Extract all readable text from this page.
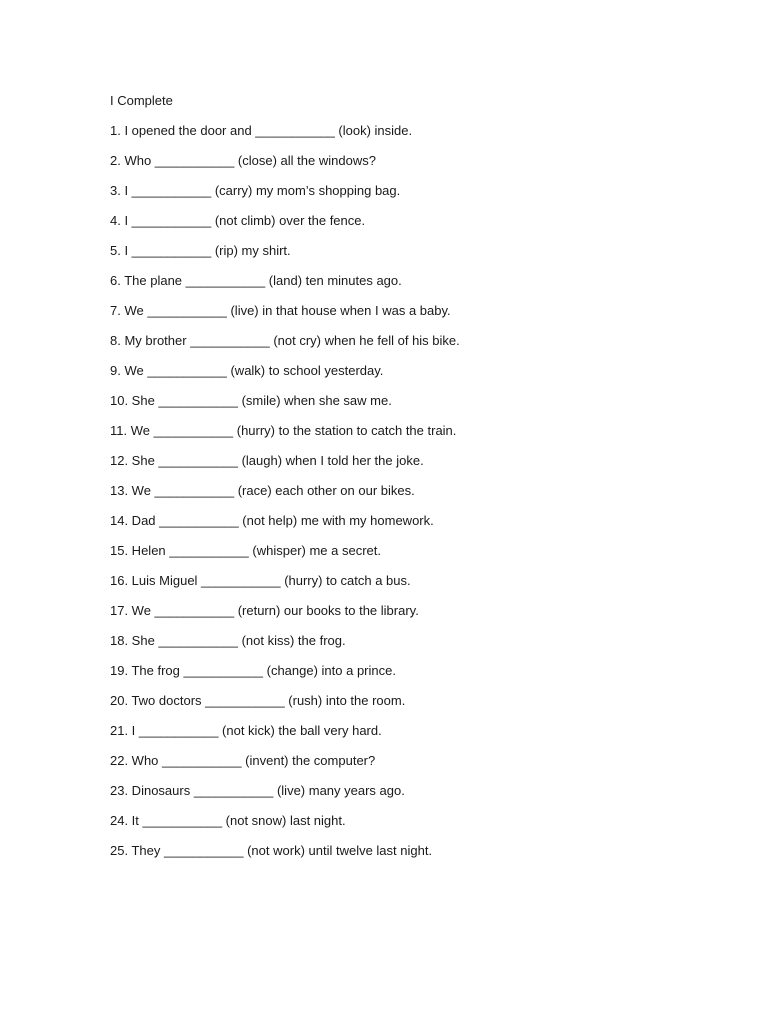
I Complete
1. I opened the door and ___________ (look) inside.
2. Who ___________ (close) all the windows?
3. I ___________ (carry) my mom’s shopping bag.
4. I ___________ (not climb) over the fence.
5. I ___________ (rip) my shirt.
6. The plane ___________ (land) ten minutes ago.
7. We ___________ (live) in that house when I was a baby.
8. My brother ___________ (not cry) when he fell of his bike.
9. We ___________ (walk) to school yesterday.
10. She ___________ (smile) when she saw me.
11. We ___________ (hurry) to the station to catch the train.
12. She ___________ (laugh) when I told her the joke.
13. We ___________ (race) each other on our bikes.
14. Dad ___________ (not help) me with my homework.
15. Helen ___________ (whisper) me a secret.
16. Luis Miguel ___________ (hurry) to catch a bus.
17. We ___________ (return) our books to the library.
18. She ___________ (not kiss) the frog.
19. The frog ___________ (change) into a prince.
20. Two doctors ___________ (rush) into the room.
21. I ___________ (not kick) the ball very hard.
22. Who ___________ (invent) the computer?
23. Dinosaurs ___________ (live) many years ago.
24. It ___________ (not snow) last night.
25. They ___________ (not work) until twelve last night.
